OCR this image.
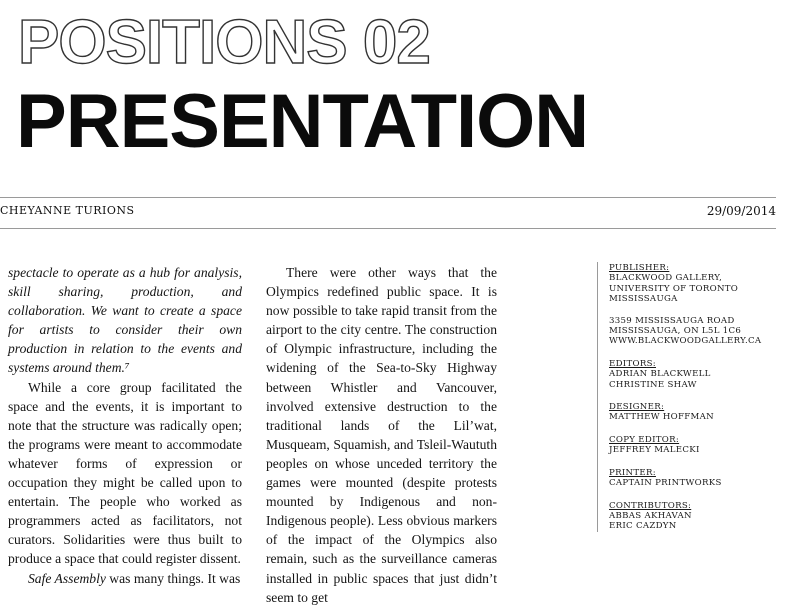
POSITIONS 02
PRESENTATION
CHEYANNE TURIONS	29/09/2014

spectacle to operate as a hub for analysis, skill sharing, production, and collaboration. We want to create a space for artists to consider their own production in relation to the events and systems around them.⁷

While a core group facilitated the space and the events, it is important to note that the structure was radically open; the programs were meant to accommodate whatever forms of expression or occupation they might be called upon to entertain. The people who worked as programmers acted as facilitators, not curators. Solidarities were thus built to produce a space that could register dissent.

Safe Assembly was many things. It was

There were other ways that the Olympics redefined public space. It is now possible to take rapid transit from the airport to the city centre. The construction of Olympic infrastructure, including the widening of the Sea-to-Sky Highway between Whistler and Vancouver, involved extensive destruction to the traditional lands of the Lil’wat, Musqueam, Squamish, and Tsleil-Waututh peoples on whose unceded territory the games were mounted (despite protests mounted by Indigenous and non-Indigenous people). Less obvious markers of the impact of the Olympics also remain, such as the surveillance cameras installed in public spaces that just didn’t seem to get

PUBLISHER:
BLACKWOOD GALLERY,
UNIVERSITY OF TORONTO
MISSISSAUGA
3359 MISSISSAUGA ROAD
MISSISSAUGA, ON L5L 1C6
WWW.BLACKWOODGALLERY.CA
EDITORS:
ADRIAN BLACKWELL
CHRISTINE SHAW
DESIGNER:
MATTHEW HOFFMAN
COPY EDITOR:
JEFFREY MALECKI
PRINTER:
CAPTAIN PRINTWORKS
CONTRIBUTORS:
ABBAS AKHAVAN
ERIC CAZDYN
